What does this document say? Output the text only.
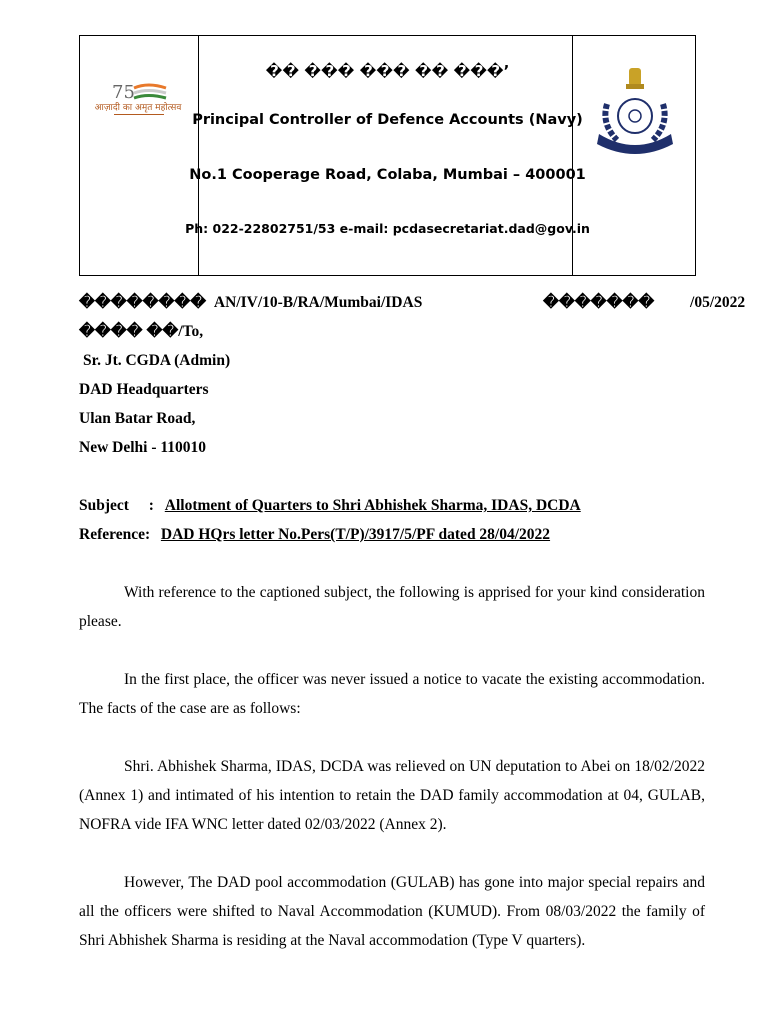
75
आज़ादी का अमृत महोत्सव
�� ��� ��� �� ���’
Principal Controller of Defence Accounts (Navy)
No.1 Cooperage Road, Colaba, Mumbai – 400001
Ph: 022-22802751/53 e-mail: pcdasecretariat.dad@gov.in
�������� AN/IV/10-B/RA/Mumbai/IDAS	������� /05/2022
���� ��/To,
Sr. Jt. CGDA (Admin)
DAD Headquarters
Ulan Batar Road,
New Delhi - 110010
Subject : Allotment of Quarters to Shri Abhishek Sharma, IDAS, DCDA
Reference: DAD HQrs letter No.Pers(T/P)/3917/5/PF dated 28/04/2022
With reference to the captioned subject, the following is apprised for your kind consideration please.
In the first place, the officer was never issued a notice to vacate the existing accommodation. The facts of the case are as follows:
Shri. Abhishek Sharma, IDAS, DCDA was relieved on UN deputation to Abei on 18/02/2022 (Annex 1) and intimated of his intention to retain the DAD family accommodation at 04, GULAB, NOFRA vide IFA WNC letter dated 02/03/2022 (Annex 2).
However, The DAD pool accommodation (GULAB) has gone into major special repairs and all the officers were shifted to Naval Accommodation (KUMUD). From 08/03/2022 the family of Shri Abhishek Sharma is residing at the Naval accommodation (Type V quarters).
